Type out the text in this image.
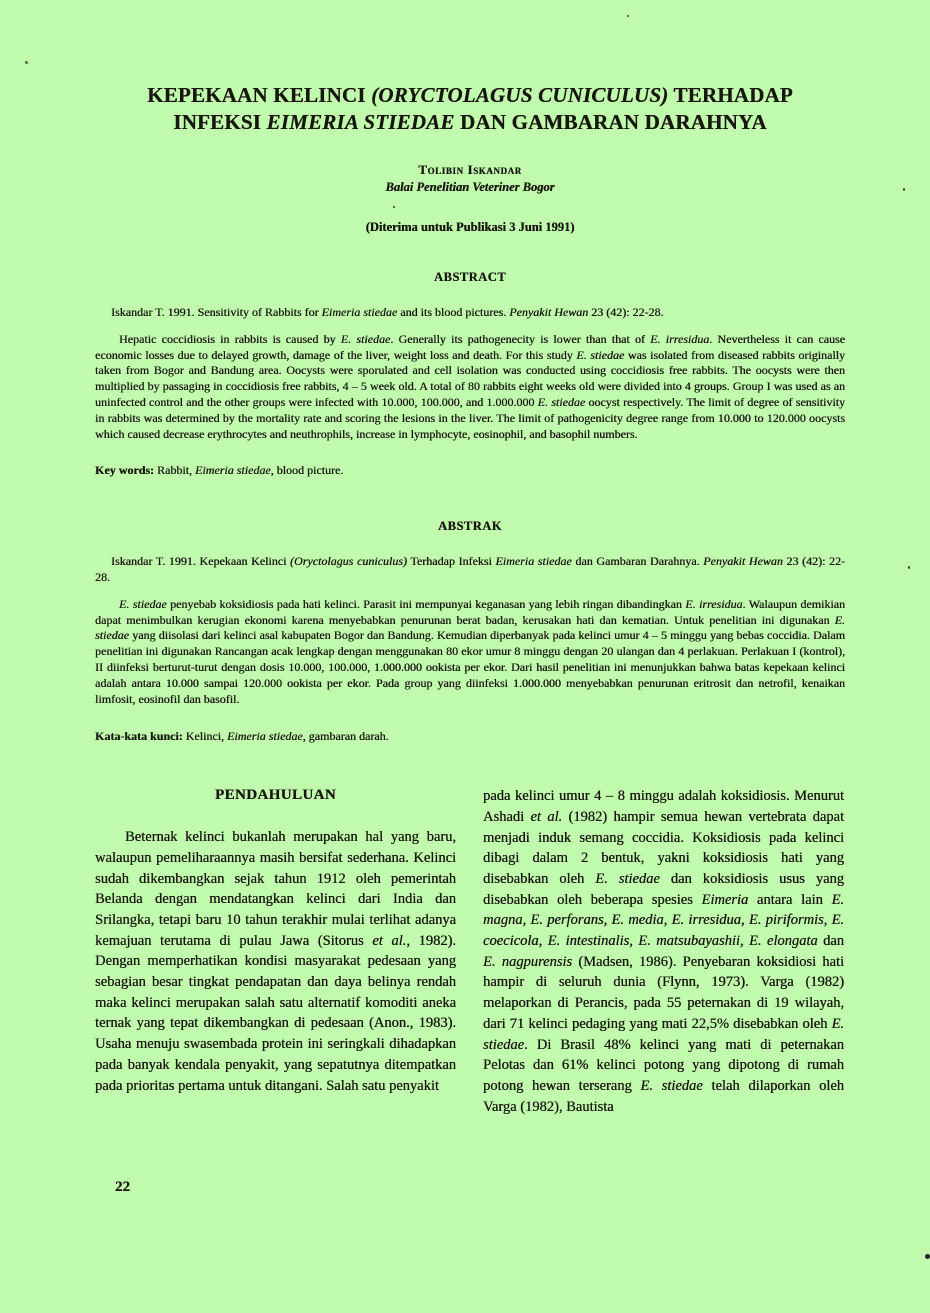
KEPEKAAN KELINCI (ORYCTOLAGUS CUNICULUS) TERHADAP
INFEKSI EIMERIA STIEDAE DAN GAMBARAN DARAHNYA
Tolibin Iskandar
Balai Penelitian Veteriner Bogor
(Diterima untuk Publikasi 3 Juni 1991)
ABSTRACT

Iskandar T. 1991. Sensitivity of Rabbits for Eimeria stiedae and its blood pictures. Penyakit Hewan 23 (42): 22-28.

Hepatic coccidiosis in rabbits is caused by E. stiedae. Generally its pathogenecity is lower than that of E. irresidua. Nevertheless it can cause economic losses due to delayed growth, damage of the liver, weight loss and death. For this study E. stiedae was isolated from diseased rabbits originally taken from Bogor and Bandung area. Oocysts were sporulated and cell isolation was conducted using coccidiosis free rabbits. The oocysts were then multiplied by passaging in coccidiosis free rabbits, 4 – 5 week old. A total of 80 rabbits eight weeks old were divided into 4 groups. Group I was used as an uninfected control and the other groups were infected with 10.000, 100.000, and 1.000.000 E. stiedae oocyst respectively. The limit of degree of sensitivity in rabbits was determined by the mortality rate and scoring the lesions in the liver. The limit of pathogenicity degree range from 10.000 to 120.000 oocysts which caused decrease erythrocytes and neuthrophils, increase in lymphocyte, eosinophil, and basophil numbers.

Key words: Rabbit, Eimeria stiedae, blood picture.

ABSTRAK

Iskandar T. 1991. Kepekaan Kelinci (Oryctolagus cuniculus) Terhadap Infeksi Eimeria stiedae dan Gambaran Darahnya. Penyakit Hewan 23 (42): 22-28.

E. stiedae penyebab koksidiosis pada hati kelinci. Parasit ini mempunyai keganasan yang lebih ringan dibandingkan E. irresidua. Walaupun demikian dapat menimbulkan kerugian ekonomi karena menyebabkan penurunan berat badan, kerusakan hati dan kematian. Untuk penelitian ini digunakan E. stiedae yang diisolasi dari kelinci asal kabupaten Bogor dan Bandung. Kemudian diperbanyak pada kelinci umur 4 – 5 minggu yang bebas coccidia. Dalam penelitian ini digunakan Rancangan acak lengkap dengan menggunakan 80 ekor umur 8 minggu dengan 20 ulangan dan 4 perlakuan. Perlakuan I (kontrol), II diinfeksi berturut-turut dengan dosis 10.000, 100.000, 1.000.000 ookista per ekor. Dari hasil penelitian ini menunjukkan bahwa batas kepekaan kelinci adalah antara 10.000 sampai 120.000 ookista per ekor. Pada group yang diinfeksi 1.000.000 menyebabkan penurunan eritrosit dan netrofil, kenaikan limfosit, eosinofil dan basofil.

Kata-kata kunci: Kelinci, Eimeria stiedae, gambaran darah.

PENDAHULUAN

Beternak kelinci bukanlah merupakan hal yang baru, walaupun pemeliharaannya masih bersifat sederhana. Kelinci sudah dikembangkan sejak tahun 1912 oleh pemerintah Belanda dengan mendatangkan kelinci dari India dan Srilangka, tetapi baru 10 tahun terakhir mulai terlihat adanya kemajuan terutama di pulau Jawa (Sitorus et al., 1982). Dengan memperhatikan kondisi masyarakat pedesaan yang sebagian besar tingkat pendapatan dan daya belinya rendah maka kelinci merupakan salah satu alternatif komoditi aneka ternak yang tepat dikembangkan di pedesaan (Anon., 1983). Usaha menuju swasembada protein ini seringkali dihadapkan pada banyak kendala penyakit, yang sepatutnya ditempatkan pada prioritas pertama untuk ditangani. Salah satu penyakit

pada kelinci umur 4 – 8 minggu adalah koksidiosis. Menurut Ashadi et al. (1982) hampir semua hewan vertebrata dapat menjadi induk semang coccidia. Koksidiosis pada kelinci dibagi dalam 2 bentuk, yakni koksidiosis hati yang disebabkan oleh E. stiedae dan koksidiosis usus yang disebabkan oleh beberapa spesies Eimeria antara lain E. magna, E. perforans, E. media, E. irresidua, E. piriformis, E. coecicola, E. intestinalis, E. matsubayashii, E. elongata dan E. nagpurensis (Madsen, 1986). Penyebaran koksidiosi hati hampir di seluruh dunia (Flynn, 1973). Varga (1982) melaporkan di Perancis, pada 55 peternakan di 19 wilayah, dari 71 kelinci pedaging yang mati 22,5% disebabkan oleh E. stiedae. Di Brasil 48% kelinci yang mati di peternakan Pelotas dan 61% kelinci potong yang dipotong di rumah potong hewan terserang E. stiedae telah dilaporkan oleh Varga (1982), Bautista

22
